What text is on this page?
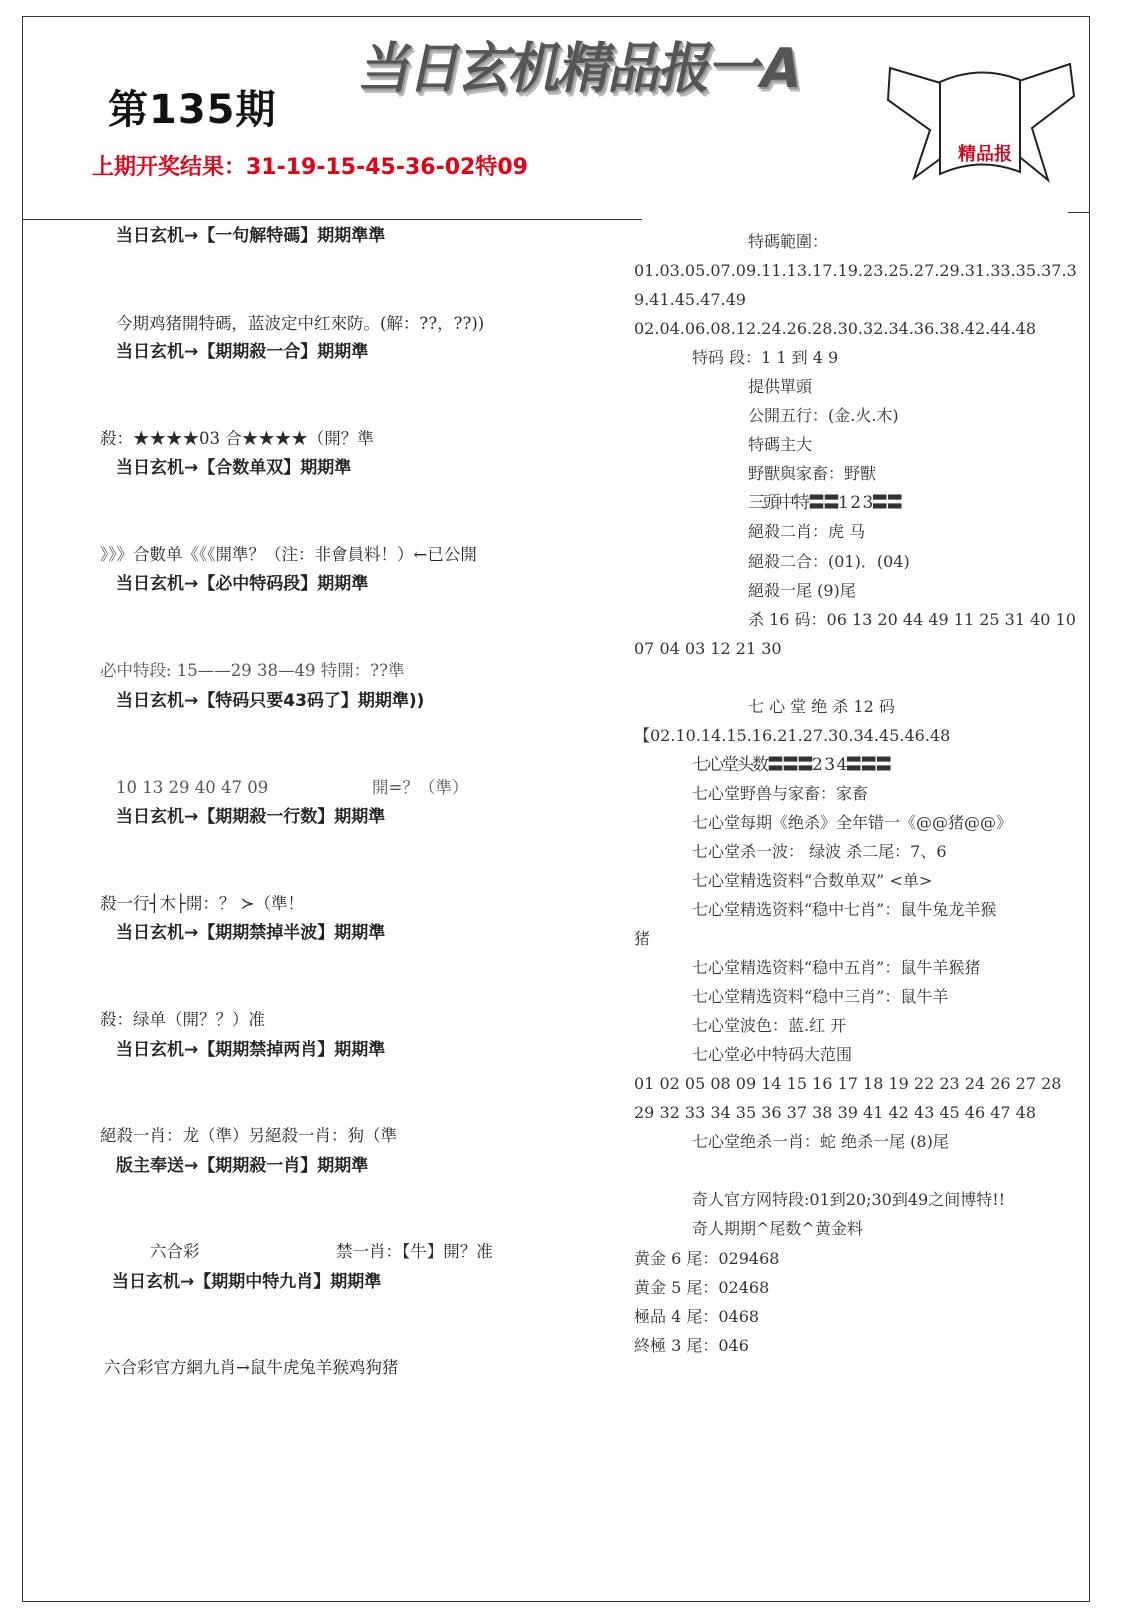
第135期
上期开奖结果：31-19-15-45-36-02特09
当日玄机精品报一A
精品报
当日玄机→【一句解特碼】期期準準
今期鸡猪開特碼，蓝波定中红來防。(解：??，??))
当日玄机→【期期殺一合】期期準
殺：★★★★03 合★★★★（開？準
当日玄机→【合数单双】期期準
》》》合數单《《《開準？（注：非會員料！）←已公開
当日玄机→【必中特码段】期期準
必中特段: 15——29 38—49 特開：??準
当日玄机→【特码只要43码了】期期準))
10 13 29 40 47 09	開=？（準）
当日玄机→【期期殺一行数】期期準
殺一行┤木├開：？ ≻（準！
当日玄机→【期期禁掉半波】期期準
殺：绿单（開？？）准
当日玄机→【期期禁掉两肖】期期準
絕殺一肖：龙（準）另絕殺一肖：狗（準
版主奉送→【期期殺一肖】期期準
六合彩	禁一肖：【牛】開？准
当日玄机→【期期中特九肖】期期準
六合彩官方網九肖→鼠牛虎兔羊猴鸡狗猪
特碼範圍：
01.03.05.07.09.11.13.17.19.23.25.27.29.31.33.35.37.3
9.41.45.47.49
02.04.06.08.12.24.26.28.30.32.34.36.38.42.44.48
特码 段：1 1 到 4 9
提供單頭
公開五行：(金.火.木)
特碼主大
野獸與家畜：野獸
三頭中特〓〓1 2 3〓〓
絕殺二肖：虎 马
絕殺二合：(01)．(04)
絕殺一尾 (9)尾
杀 16 码：06 13 20 44 49 11 25 31 40 10
07 04 03 12 21 30
七 心 堂 绝 杀 12 码
【02.10.14.15.16.21.27.30.34.45.46.48
七心堂头数〓〓〓2 3 4〓〓〓
七心堂野兽与家畜：家畜
七心堂每期《绝杀》全年错一《@@猪@@》
七心堂杀一波： 绿波 杀二尾：7、6
七心堂精选资料“合数单双” <单>
七心堂精选资料“稳中七肖”：鼠牛兔龙羊猴
猪
七心堂精选资料“稳中五肖”：鼠牛羊猴猪
七心堂精选资料“稳中三肖”：鼠牛羊
七心堂波色：蓝.红 开
七心堂必中特码大范围
01 02 05 08 09 14 15 16 17 18 19 22 23 24 26 27 28
29 32 33 34 35 36 37 38 39 41 42 43 45 46 47 48
七心堂绝杀一肖：蛇 绝杀一尾 (8)尾
奇人官方网特段:01到20;30到49之间博特!!
奇人期期^尾数^黄金料
黄金 6 尾：029468
黄金 5 尾：02468
極品 4 尾：0468
終極 3 尾：046
